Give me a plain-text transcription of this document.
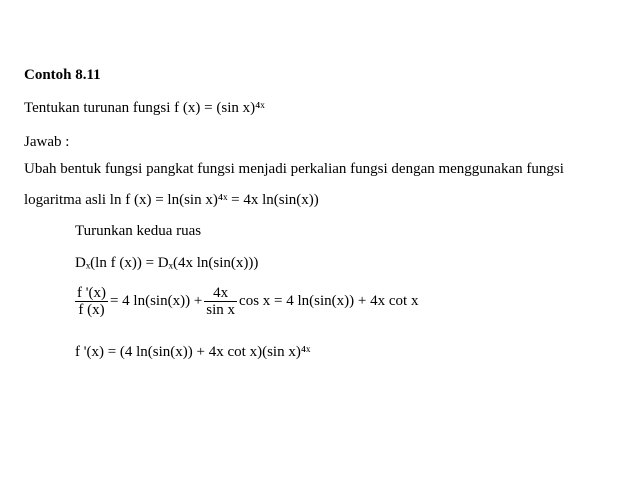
Contoh 8.11
Tentukan turunan fungsi f (x) = (sin x)⁴ˣ
Jawab :
Ubah bentuk fungsi pangkat fungsi menjadi perkalian fungsi dengan menggunakan fungsi
logaritma asli ln f (x) = ln(sin x)⁴ˣ = 4x ln(sin(x))
Turunkan kedua ruas
Dₓ(ln f (x)) = Dₓ(4x ln(sin(x)))
$\frac{f '(x)}{f (x)} = 4$ $\ln(\sin(x)) + \frac{4x}{\text{sin x}}$ cos x = 4 ln(sin(x)) + 4x cot x
f '(x) = (4 ln(sin(x)) + 4x cot x)(sin x)⁴ˣ
